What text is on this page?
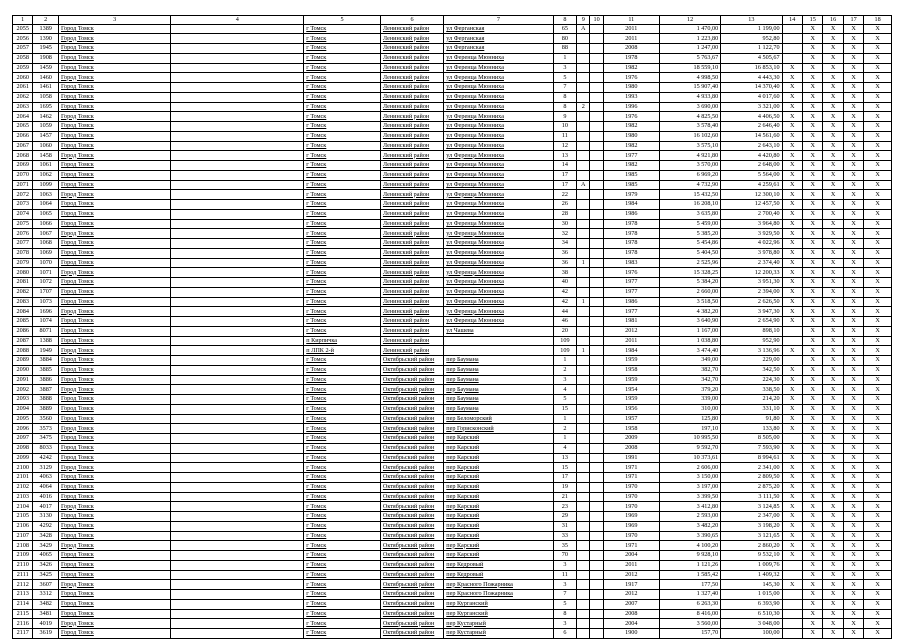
1	2	3	4	5	6	7	8	9	10	11	12	13	14	15	16	17	18
2055	1389	Город Томск		г Томск	Ленинский район	ул Ферганская	65	А		2011	1 470,00	1 199,00		X	X	X	X
2056	1390	Город Томск		г Томск	Ленинский район	ул Ферганская	80			2011	1 223,80	952,80		X	X	X	X
2057	1945	Город Томск		г Томск	Ленинский район	ул Ферганская	88			2008	1 247,00	1 122,70		X	X	X	X
2058	1908	Город Томск		г Томск	Ленинский район	ул Ференца Мюнниха	1			1978	5 763,67	4 505,67		X	X	X	X
2059	1459	Город Томск		г Томск	Ленинский район	ул Ференца Мюнниха	3			1982	18 559,10	16 853,10	X	X	X	X	X
2060	1460	Город Томск		г Томск	Ленинский район	ул Ференца Мюнниха	5			1976	4 998,50	4 443,30	X	X	X	X	X
2061	1461	Город Томск		г Томск	Ленинский район	ул Ференца Мюнниха	7			1980	15 907,40	14 370,40	X	X	X	X	X
2062	1058	Город Томск		г Томск	Ленинский район	ул Ференца Мюнниха	8			1993	4 933,80	4 017,60	X	X	X	X	X
2063	1695	Город Томск		г Томск	Ленинский район	ул Ференца Мюнниха	8	2		1996	3 690,00	3 321,00	X	X	X	X	X
2064	1462	Город Томск		г Томск	Ленинский район	ул Ференца Мюнниха	9			1976	4 825,50	4 406,50	X	X	X	X	X
2065	1059	Город Томск		г Томск	Ленинский район	ул Ференца Мюнниха	10			1982	3 578,40	2 646,40	X	X	X	X	X
2066	1457	Город Томск		г Томск	Ленинский район	ул Ференца Мюнниха	11			1980	16 102,60	14 561,60	X	X	X	X	X
2067	1060	Город Томск		г Томск	Ленинский район	ул Ференца Мюнниха	12			1982	3 575,10	2 643,10	X	X	X	X	X
2068	1458	Город Томск		г Томск	Ленинский район	ул Ференца Мюнниха	13			1977	4 921,80	4 420,80	X	X	X	X	X
2069	1061	Город Томск		г Томск	Ленинский район	ул Ференца Мюнниха	14			1982	3 570,00	2 648,00	X	X	X	X	X
2070	1062	Город Томск		г Томск	Ленинский район	ул Ференца Мюнниха	17			1985	6 969,20	5 564,00	X	X	X	X	X
2071	1099	Город Томск		г Томск	Ленинский район	ул Ференца Мюнниха	17	А		1985	4 732,90	4 259,61	X	X	X	X	X
2072	1063	Город Томск		г Томск	Ленинский район	ул Ференца Мюнниха	22			1979	15 432,50	12 300,10	X	X	X	X	X
2073	1064	Город Томск		г Томск	Ленинский район	ул Ференца Мюнниха	26			1984	16 208,10	12 457,50	X	X	X	X	X
2074	1065	Город Томск		г Томск	Ленинский район	ул Ференца Мюнниха	28			1986	3 635,80	2 700,40	X	X	X	X	X
2075	1066	Город Томск		г Томск	Ленинский район	ул Ференца Мюнниха	30			1978	5 459,00	3 964,80	X	X	X	X	X
2076	1067	Город Томск		г Томск	Ленинский район	ул Ференца Мюнниха	32			1978	5 385,20	3 929,50	X	X	X	X	X
2077	1068	Город Томск		г Томск	Ленинский район	ул Ференца Мюнниха	34			1978	5 454,86	4 022,96	X	X	X	X	X
2078	1069	Город Томск		г Томск	Ленинский район	ул Ференца Мюнниха	36			1978	5 404,50	3 978,80	X	X	X	X	X
2079	1070	Город Томск		г Томск	Ленинский район	ул Ференца Мюнниха	36	1		1983	2 525,96	2 374,40	X	X	X	X	X
2080	1071	Город Томск		г Томск	Ленинский район	ул Ференца Мюнниха	38			1976	15 328,25	12 200,33	X	X	X	X	X
2081	1072	Город Томск		г Томск	Ленинский район	ул Ференца Мюнниха	40			1977	5 384,20	3 951,30	X	X	X	X	X
2082	1707	Город Томск		г Томск	Ленинский район	ул Ференца Мюнниха	42			1977	2 660,00	2 394,00	X	X	X	X	X
2083	1073	Город Томск		г Томск	Ленинский район	ул Ференца Мюнниха	42	1		1986	3 518,50	2 626,50	X	X	X	X	X
2084	1696	Город Томск		г Томск	Ленинский район	ул Ференца Мюнниха	44			1977	4 382,20	3 947,30	X	X	X	X	X
2085	1074	Город Томск		г Томск	Ленинский район	ул Ференца Мюнниха	46			1981	3 640,90	2 654,90	X	X	X	X	X
2086	8071	Город Томск		г Томск	Ленинский район	ул Чашева	20			2012	1 167,00	898,10		X	X	X	X
2087	1388	Город Томск		п Кирпичка	Ленинский район		109			2011	1 038,80	952,90		X	X	X	X
2088	1949	Город Томск		п ЛПК 2-й	Ленинский район		109	1		1984	3 474,40	3 136,96	X	X	X	X	X
2089	3884	Город Томск		г Томск	Октябрьский район	пер Баумана	1			1959	349,00	229,00		X	X	X	X
2090	3885	Город Томск		г Томск	Октябрьский район	пер Баумана	2			1958	382,70	342,50	X	X	X	X	X
2091	3886	Город Томск		г Томск	Октябрьский район	пер Баумана	3			1959	342,70	224,30	X	X	X	X	X
2092	3887	Город Томск		г Томск	Октябрьский район	пер Баумана	4			1954	379,20	338,50	X	X	X	X	X
2093	3888	Город Томск		г Томск	Октябрьский район	пер Баумана	5			1959	339,00	214,20	X	X	X	X	X
2094	3889	Город Томск		г Томск	Октябрьский район	пер Баумана	15			1956	310,00	331,10	X	X	X	X	X
2095	3560	Город Томск		г Томск	Октябрьский район	пер Беломорский	1			1957	125,80	91,80	X	X	X	X	X
2096	3573	Город Томск		г Томск	Октябрьский район	пер Горисконский	2			1958	197,10	133,80	X	X	X	X	X
2097	3475	Город Томск		г Томск	Октябрьский район	пер Карский	1			2009	10 995,50	8 505,00		X	X	X	X
2098	8033	Город Томск		г Томск	Октябрьский район	пер Карский	4			2008	9 592,70	7 593,90	X	X	X	X	X
2099	4242	Город Томск		г Томск	Октябрьский район	пер Карский	13			1991	10 373,61	8 994,61	X	X	X	X	X
2100	3129	Город Томск		г Томск	Октябрьский район	пер Карский	15			1971	2 606,00	2 341,00	X	X	X	X	X
2101	4063	Город Томск		г Томск	Октябрьский район	пер Карский	17			1971	3 150,00	2 809,50	X	X	X	X	X
2102	4064	Город Томск		г Томск	Октябрьский район	пер Карский	19			1970	3 197,00	2 875,20	X	X	X	X	X
2103	4016	Город Томск		г Томск	Октябрьский район	пер Карский	21			1970	3 399,50	3 111,50	X	X	X	X	X
2104	4017	Город Томск		г Томск	Октябрьский район	пер Карский	23			1970	3 412,80	3 124,85	X	X	X	X	X
2105	3130	Город Томск		г Томск	Октябрьский район	пер Карский	29			1969	2 593,00	2 347,00	X	X	X	X	X
2106	4292	Город Томск		г Томск	Октябрьский район	пер Карский	31			1969	3 482,20	3 198,20	X	X	X	X	X
2107	3428	Город Томск		г Томск	Октябрьский район	пер Карский	33			1970	3 390,65	3 121,65	X	X	X	X	X
2108	3429	Город Томск		г Томск	Октябрьский район	пер Карский	35			1971	4 100,20	2 860,20	X	X	X	X	X
2109	4065	Город Томск		г Томск	Октябрьский район	пер Карский	70			2004	9 928,10	9 532,10	X	X	X	X	X
2110	3426	Город Томск		г Томск	Октябрьский район	пер Кедровый	3			2011	1 121,26	1 009,76		X	X	X	X
2111	3425	Город Томск		г Томск	Октябрьский район	пер Кедровый	11			2012	1 585,42	1 409,32		X	X	X	X
2112	3607	Город Томск		г Томск	Октябрьский район	пер Красного Пожарника	3			1917	177,50	145,30	X	X	X	X	X
2113	3312	Город Томск		г Томск	Октябрьский район	пер Красного Пожарника	7			2012	1 327,40	1 015,00		X	X	X	X
2114	3482	Город Томск		г Томск	Октябрьский район	пер Курганский	5			2007	6 263,30	6 393,90		X	X	X	X
2115	3481	Город Томск		г Томск	Октябрьский район	пер Курганский	8			2008	8 416,00	6 510,30		X	X	X	X
2116	4019	Город Томск		г Томск	Октябрьский район	пер Кустарный	3			2004	3 560,00	3 048,00		X	X	X	X
2117	3619	Город Томск		г Томск	Октябрьский район	пер Кустарный	6			1900	157,70	100,00		X	X	X	X
